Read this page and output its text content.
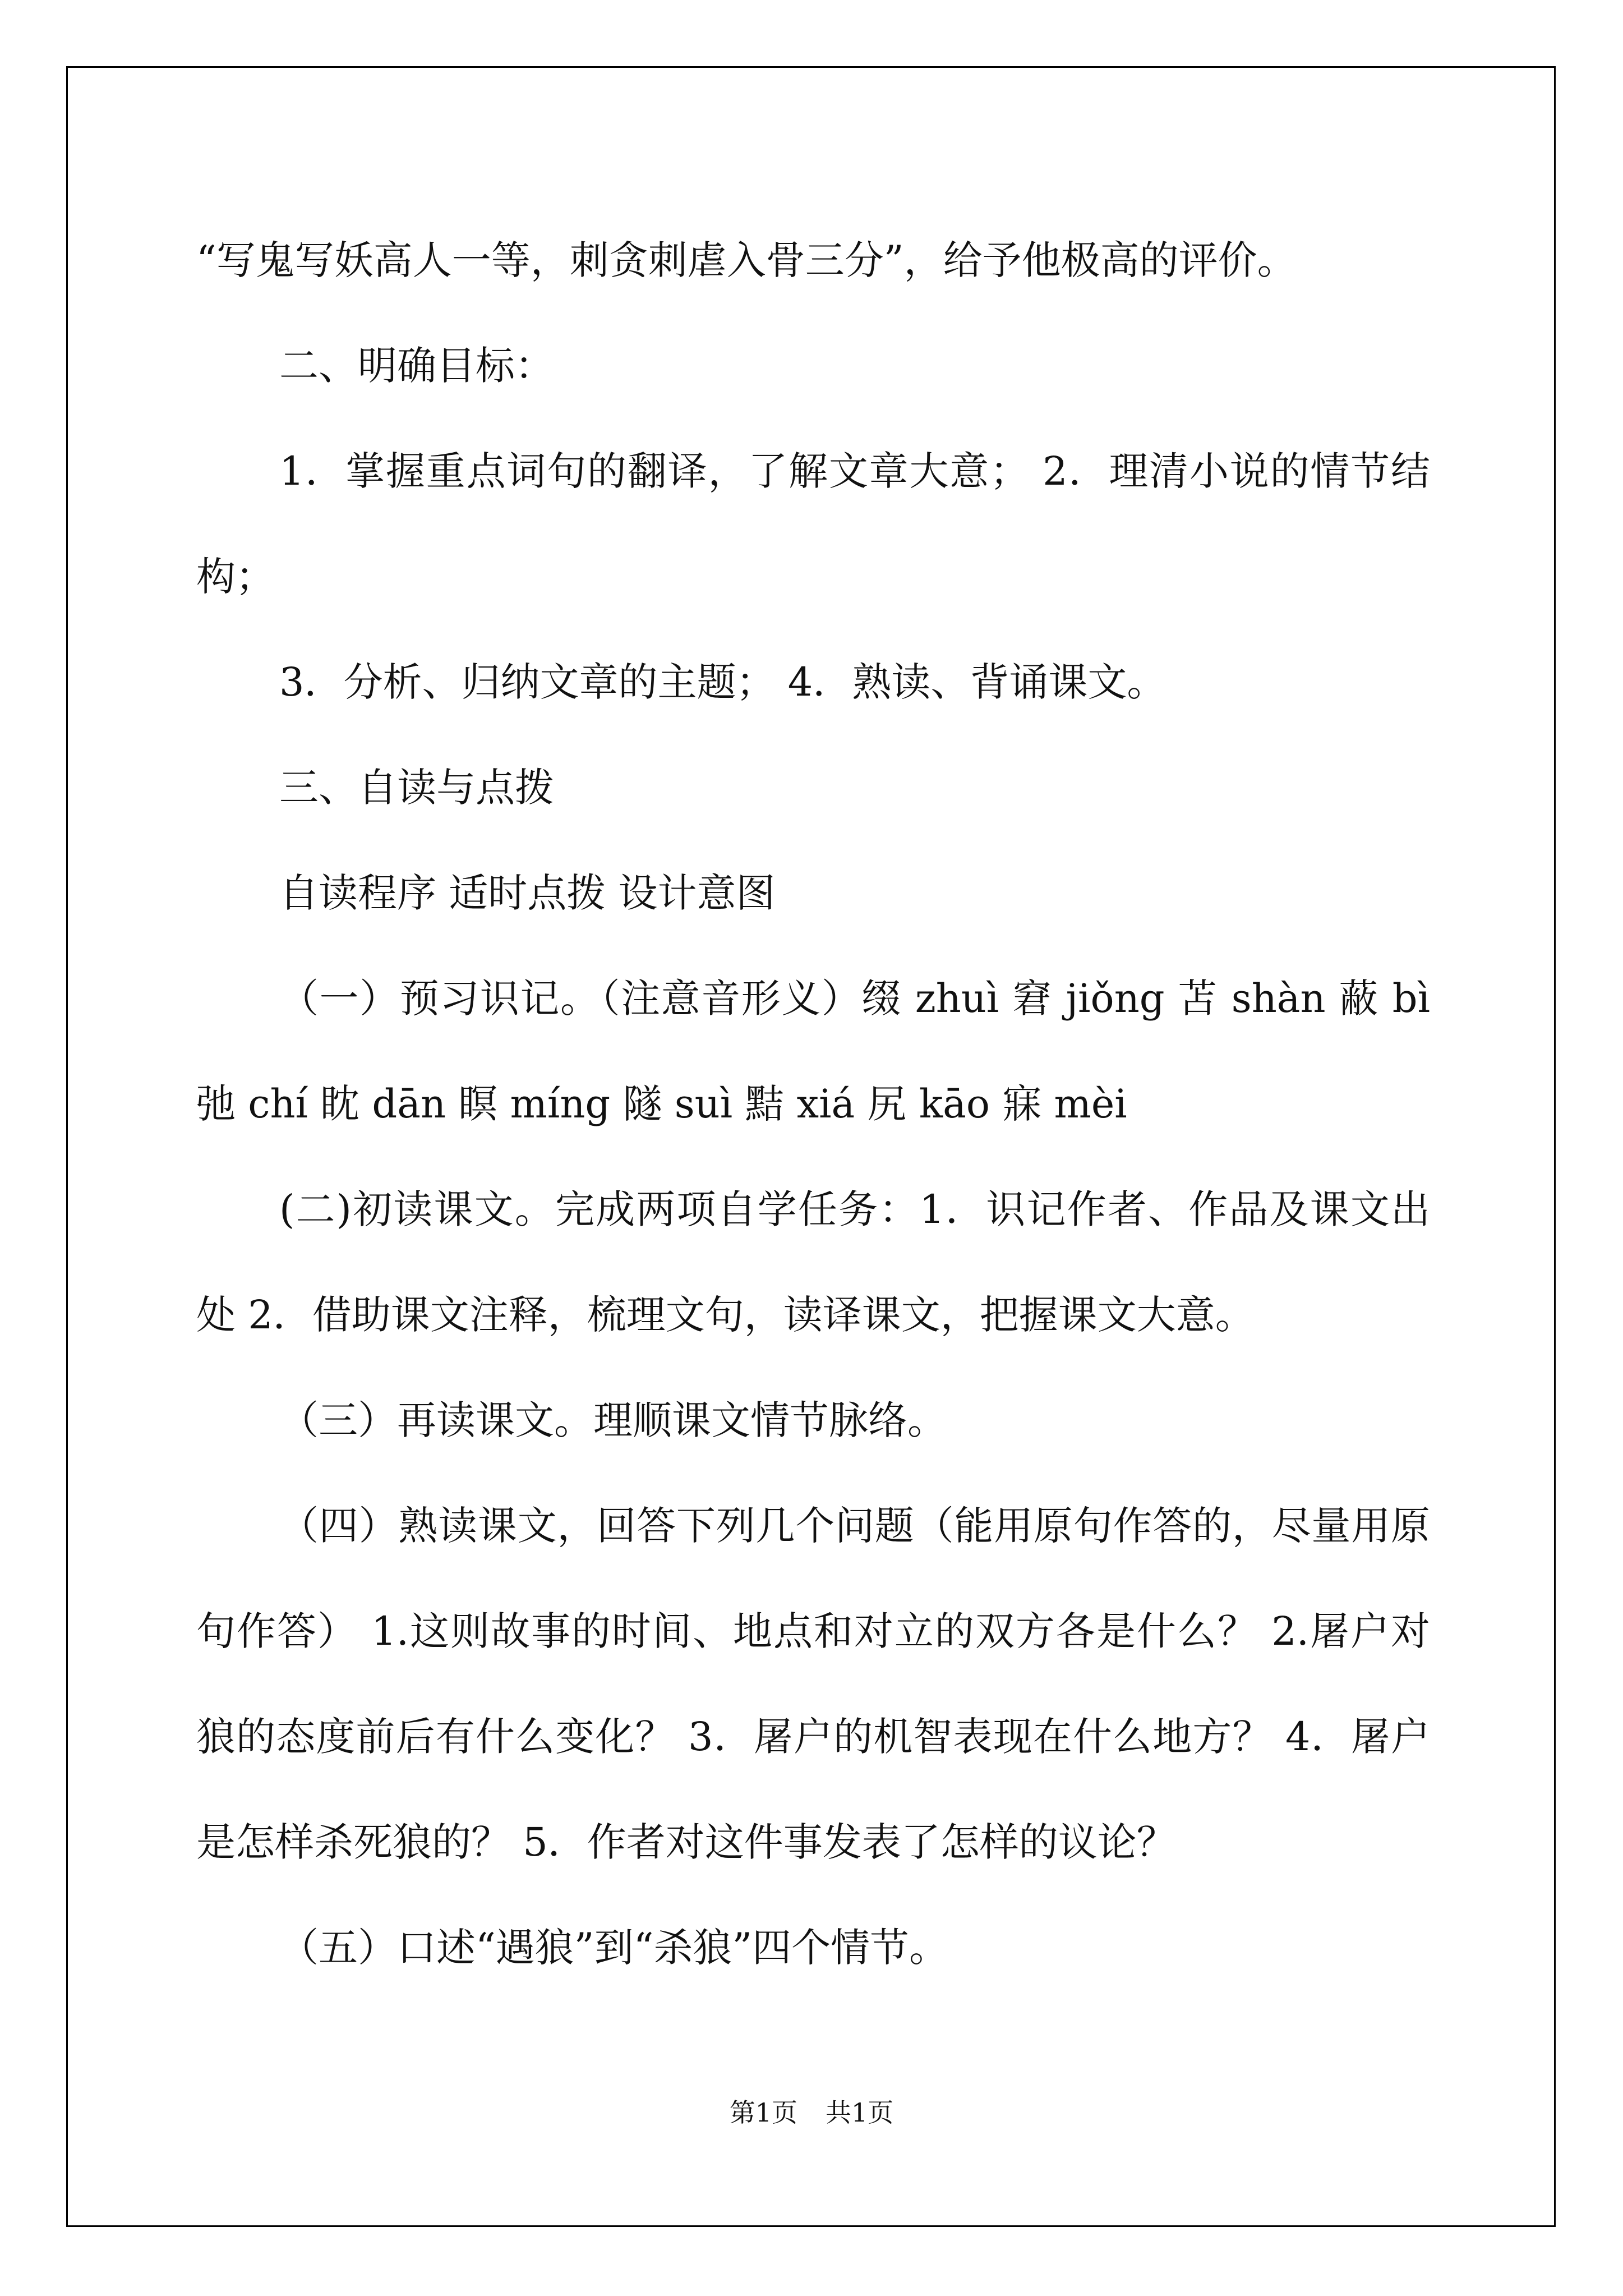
“写鬼写妖高人一等，刺贪刺虐入骨三分”，给予他极高的评价。

二、明确目标：

1．掌握重点词句的翻译，了解文章大意； 2．理清小说的情节结构；

3．分析、归纳文章的主题； 4．熟读、背诵课文。

三、自读与点拨

自读程序 适时点拨 设计意图

（一）预习识记。（注意音形义）缀 zhuì 窘 jiǒng 苫 shàn 蔽 bì 弛 chí 眈 dān 瞑 míng 隧 suì 黠 xiá 尻 kāo 寐 mèi

(二)初读课文。完成两项自学任务：1．识记作者、作品及课文出处 2．借助课文注释，梳理文句，读译课文，把握课文大意。

（三）再读课文。理顺课文情节脉络。

（四）熟读课文，回答下列几个问题（能用原句作答的，尽量用原句作答） 1.这则故事的时间、地点和对立的双方各是什么？ 2.屠户对狼的态度前后有什么变化？ 3．屠户的机智表现在什么地方？ 4．屠户是怎样杀死狼的？ 5．作者对这件事发表了怎样的议论？

（五）口述“遇狼”到“杀狼”四个情节。

第1页 共1页
